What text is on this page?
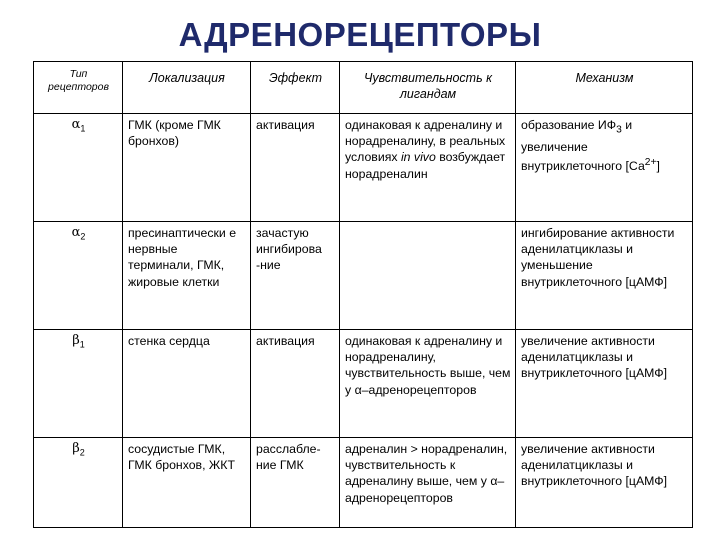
АДРЕНОРЕЦЕПТОРЫ
Тип рецепторов	Локализация	Эффект	Чувствительность к лигандам	Механизм
$\alpha_1$	ГМК (кроме ГМК бронхов)	активация	одинаковая к адреналину и норадреналину, в реальных условиях in vivo возбуждает норадреналин	образование $ИФ_3$ и увеличение внутриклеточного $[Са^{2+}]$
$\alpha_2$	пресинаптически е нервные терминали, ГМК, жировые клетки	зачастую ингибирова -ние		ингибирование активности аденилатциклазы и уменьшение внутриклеточного [цАМФ]
$\beta_1$	стенка сердца	активация	одинаковая к адреналину и норадреналину, чувствительность выше, чем у α–адренорецепторов	увеличение активности аденилатциклазы и внутриклеточного [цАМФ]
$\beta_2$	сосудистые ГМК, ГМК бронхов, ЖКТ	расслабле-ние ГМК	адреналин > норадреналин, чувствительность к адреналину выше, чем у α–адренорецепторов	увеличение активности аденилатциклазы и внутриклеточного [цАМФ]
